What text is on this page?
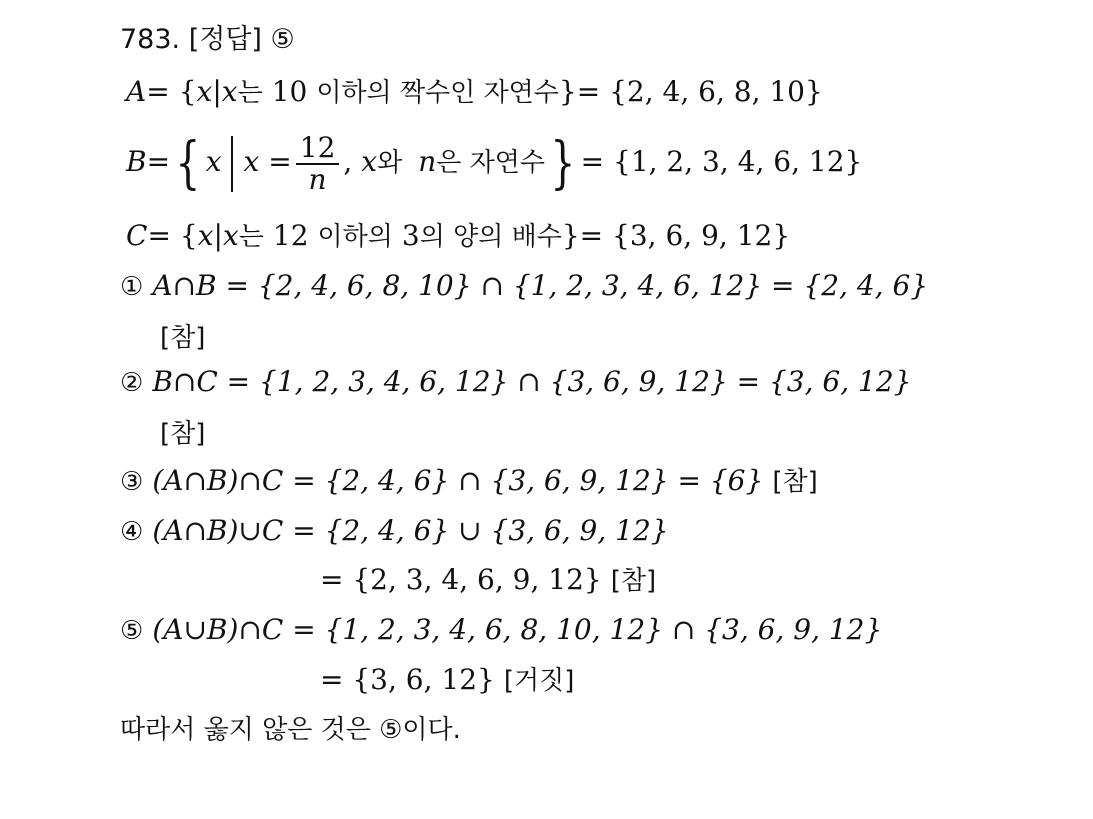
783. [정답] ⑤
A= {x|x는 10 이하의 짝수인 자연수}= {2, 4, 6, 8, 10}
B={ x $x = \frac{12}{n}$ , x와 n은 자연수} = {1, 2, 3, 4, 6, 12}
C= {x|x는 12 이하의 3의 양의 배수}= {3, 6, 9, 12}
① A∩B = {2, 4, 6, 8, 10} ∩ {1, 2, 3, 4, 6, 12} = {2, 4, 6}
[참]
② B∩C = {1, 2, 3, 4, 6, 12} ∩ {3, 6, 9, 12} = {3, 6, 12}
[참]
③ (A∩B)∩C = {2, 4, 6} ∩ {3, 6, 9, 12} = {6} [참]
④ (A∩B)∪C = {2, 4, 6} ∪ {3, 6, 9, 12}
= {2, 3, 4, 6, 9, 12} [참]
⑤ (A∪B)∩C = {1, 2, 3, 4, 6, 8, 10, 12} ∩ {3, 6, 9, 12}
= {3, 6, 12} [거짓]
따라서 옳지 않은 것은 ⑤이다.
